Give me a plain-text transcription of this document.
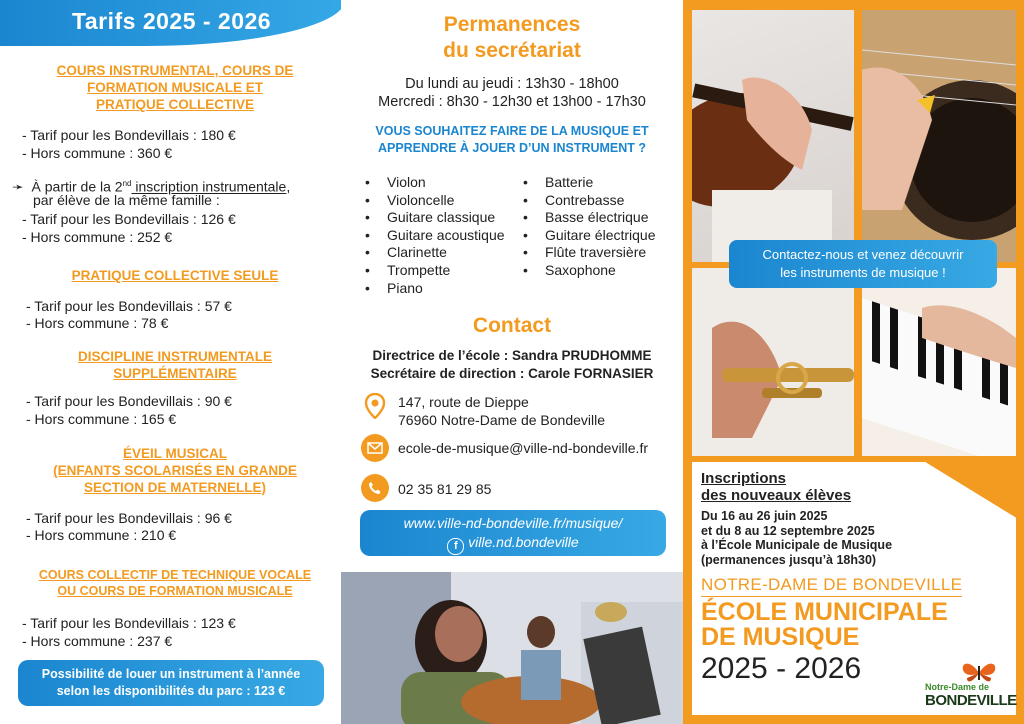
Tarifs 2025 - 2026
COURS INSTRUMENTAL, COURS DE
FORMATION MUSICALE ET
PRATIQUE COLLECTIVE
- Tarif pour les Bondevillais : 180 €
- Hors commune : 360 €
➛ À partir de la 2nd inscription instrumentale,
par élève de la même famille :
- Tarif pour les Bondevillais : 126 €
- Hors commune : 252 €
PRATIQUE COLLECTIVE SEULE
- Tarif pour les Bondevillais : 57 €
- Hors commune : 78 €
DISCIPLINE INSTRUMENTALE
SUPPLÉMENTAIRE
- Tarif pour les Bondevillais : 90 €
- Hors commune : 165 €
ÉVEIL MUSICAL
(ENFANTS SCOLARISÉS EN GRANDE
SECTION DE MATERNELLE)
- Tarif pour les Bondevillais : 96 €
- Hors commune : 210 €
COURS COLLECTIF DE TECHNIQUE VOCALE
OU COURS DE FORMATION MUSICALE
- Tarif pour les Bondevillais : 123 €
- Hors commune : 237 €
Possibilité de louer un instrument à l’année
selon les disponibilités du parc : 123 €
Permanences
du secrétariat
Du lundi au jeudi : 13h30 - 18h00
Mercredi : 8h30 - 12h30 et 13h00 - 17h30
VOUS SOUHAITEZ FAIRE DE LA MUSIQUE ET
APPRENDRE À JOUER D’UN INSTRUMENT ?
• Violon
• Violoncelle
• Guitare classique
• Guitare acoustique
• Clarinette
• Trompette
• Piano
• Batterie
• Contrebasse
• Basse électrique
• Guitare électrique
• Flûte traversière
• Saxophone
Contact
Directrice de l’école : Sandra PRUDHOMME
Secrétaire de direction : Carole FORNASIER
147, route de Dieppe
76960 Notre-Dame de Bondeville
ecole-de-musique@ville-nd-bondeville.fr
02 35 81 29 85
www.ville-nd-bondeville.fr/musique/
f ville.nd.bondeville
Contactez-nous et venez découvrir
les instruments de musique !
Inscriptions
des nouveaux élèves
Du 16 au 26 juin 2025
et du 8 au 12 septembre 2025
à l’École Municipale de Musique
(permanences jusqu’à 18h30)
NOTRE-DAME DE BONDEVILLE
ÉCOLE MUNICIPALE
DE MUSIQUE
2025 - 2026
Notre-Dame de
BONDEVILLE
